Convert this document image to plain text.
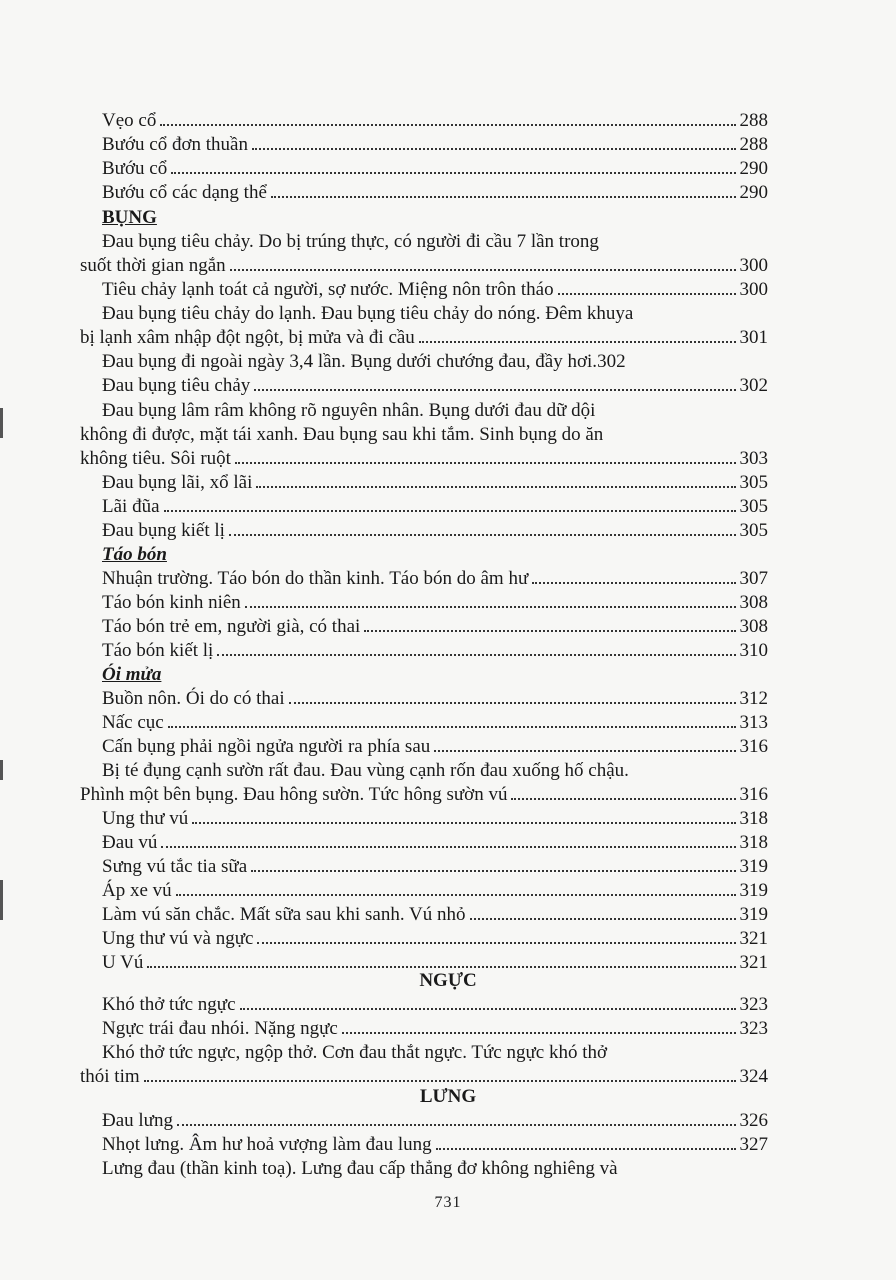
Vẹo cổ	288
Bướu cổ đơn thuần	288
Bướu cổ	290
Bướu cổ các dạng thể	290
BỤNG
Đau bụng tiêu chảy. Do bị trúng thực, có người đi cầu 7 lần trong
suốt thời gian ngắn	300
Tiêu chảy lạnh toát cả người, sợ nước. Miệng nôn trôn tháo	300
Đau bụng tiêu chảy do lạnh. Đau bụng tiêu chảy do nóng. Đêm khuya
bị lạnh xâm nhập đột ngột, bị mửa và đi cầu	301
Đau bụng đi ngoài ngày 3,4 lần. Bụng dưới chướng đau, đầy hơi. 302
Đau bụng tiêu chảy	302
Đau bụng lâm râm không rõ nguyên nhân. Bụng dưới đau dữ dội
không đi được, mặt tái xanh. Đau bụng sau khi tắm. Sinh bụng do ăn
không tiêu. Sôi ruột	303
Đau bụng lãi, xổ lãi	305
Lãi đũa	305
Đau bụng kiết lị	305
Táo bón
Nhuận trường. Táo bón do thần kinh. Táo bón do âm hư	307
Táo bón kinh niên	308
Táo bón trẻ em, người già, có thai	308
Táo bón kiết lị	310
Ói mửa
Buồn nôn. Ói do có thai	312
Nấc cục	313
Cấn bụng phải ngồi ngửa người ra phía sau	316
Bị té đụng cạnh sườn rất đau. Đau vùng cạnh rốn đau xuống hố chậu.
Phình một bên bụng. Đau hông sườn. Tức hông sườn vú	316
Ung thư vú	318
Đau vú	318
Sưng vú tắc tia sữa	319
Áp xe vú	319
Làm vú săn chắc. Mất sữa sau khi sanh. Vú nhỏ	319
Ung thư vú và ngực	321
U Vú	321
NGỰC
Khó thở tức ngực	323
Ngực trái đau nhói. Nặng ngực	323
Khó thở tức ngực, ngộp thở. Cơn đau thắt ngực. Tức ngực khó thở
thói tim	324
LƯNG
Đau lưng	326
Nhọt lưng. Âm hư hoả vượng làm đau lung	327
Lưng đau (thần kinh toạ). Lưng đau cấp thẳng đơ không nghiêng và
731
